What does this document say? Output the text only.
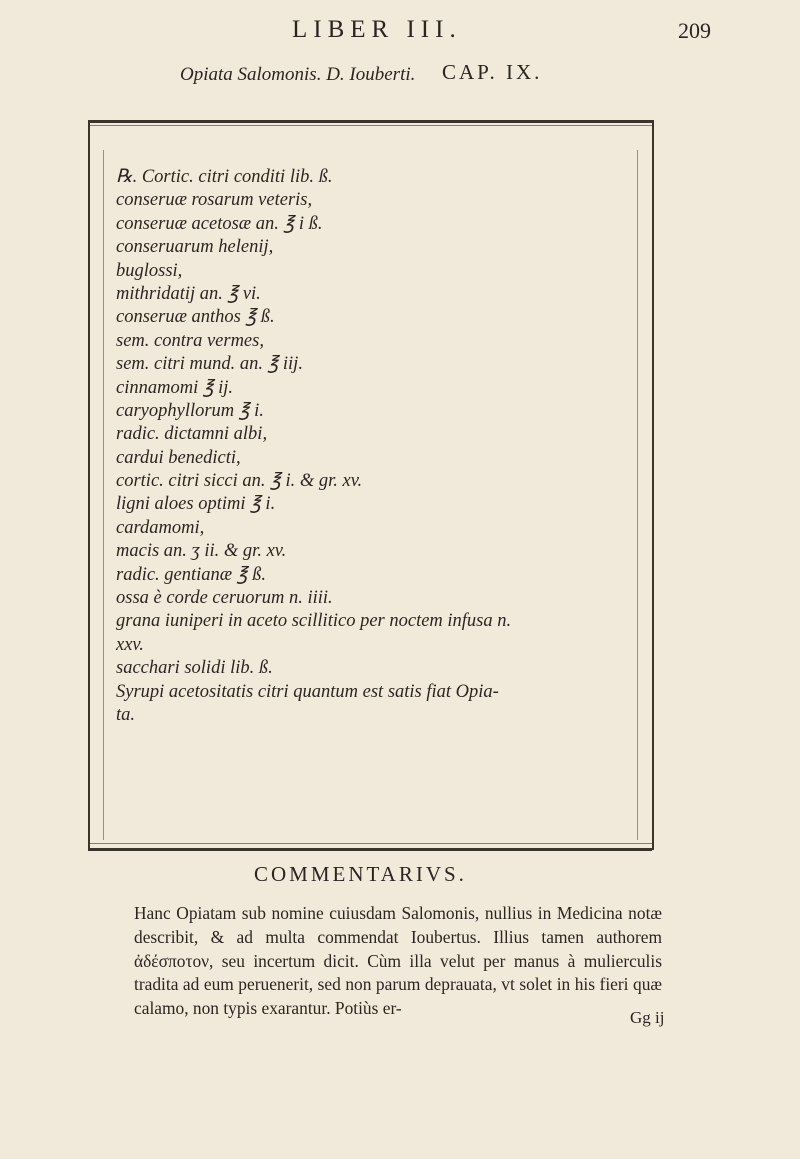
LIBER III.	209
Opiata Salomonis. D. Iouberti. CAP. IX.
℞. Cortic. citri conditi lib. ß.
conseruæ rosarum veteris,
conseruæ acetosæ an. ℥ i ß.
conseruarum helenij,
buglossi,
mithridatij an. ℥ vi.
conseruæ anthos ℥ ß.
sem. contra vermes,
sem. citri mund. an. ℥ iij.
cinnamomi ℥ ij.
caryophyllorum ℥ i.
radic. dictamni albi,
cardui benedicti,
cortic. citri sicci an. ℥ i. & gr. xv.
ligni aloes optimi ℥ i.
cardamomi,
macis an. ʒ ii. & gr. xv.
radic. gentianæ ℥ ß.
ossa è corde ceruorum n. iiii.
grana iuniperi in aceto scillitico per noctem infusa n.
xxv.
sacchari solidi lib. ß.
Syrupi acetositatis citri quantum est satis fiat Opia-
ta.
COMMENTARIVS.
Hanc Opiatam sub nomine cuiusdam Salomonis, nullius in Medicina notæ describit, & ad multa commendat Ioubertus. Illius tamen authorem ἀδέσποτον, seu incertum dicit. Cùm illa velut per manus à mulierculis tradita ad eum peruenerit, sed non parum deprauata, vt solet in his fieri quæ calamo, non typis exarantur. Potiùs er-	Gg ij
